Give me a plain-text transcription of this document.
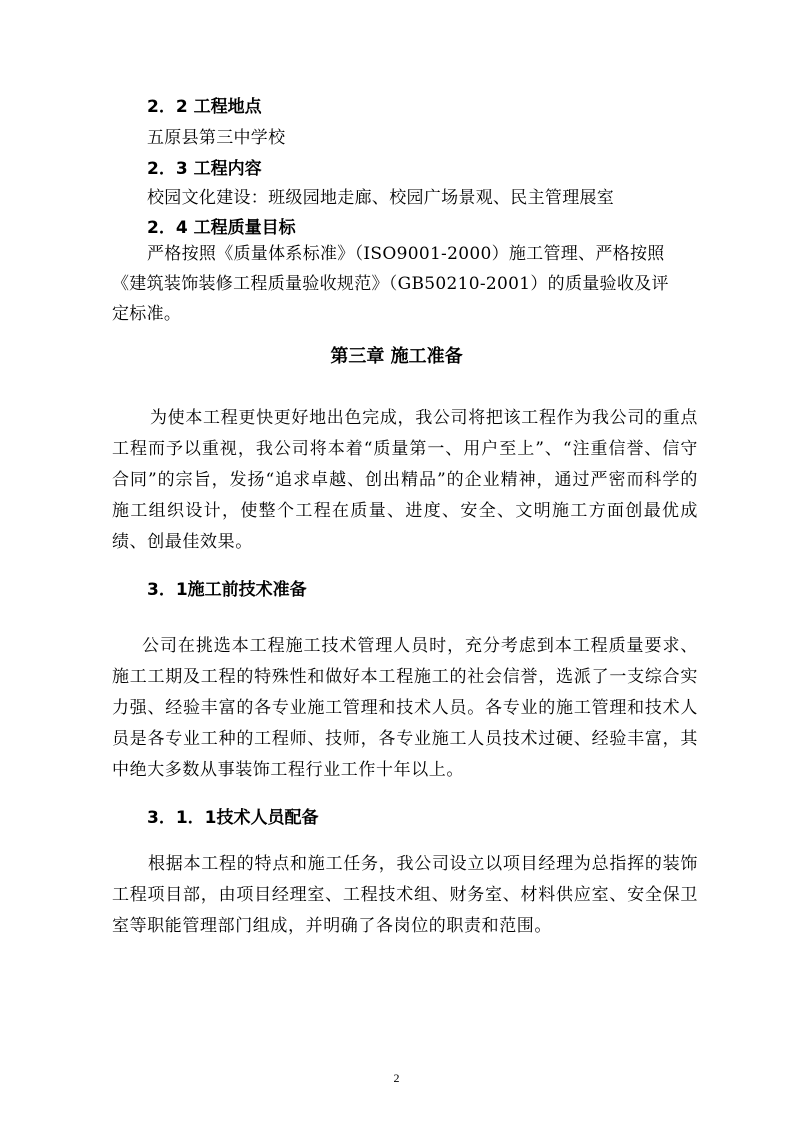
2．2 工程地点
五原县第三中学校
2．3 工程内容
校园文化建设：班级园地走廊、校园广场景观、民主管理展室
2．4 工程质量目标
严格按照《质量体系标准》（ISO9001-2000）施工管理、严格按照
《建筑装饰装修工程质量验收规范》（GB50210-2001）的质量验收及评
定标准。
第三章 施工准备
为使本工程更快更好地出色完成，我公司将把该工程作为我公司的重点工程而予以重视，我公司将本着“质量第一、用户至上”、“注重信誉、信守合同”的宗旨，发扬“追求卓越、创出精品”的企业精神，通过严密而科学的施工组织设计，使整个工程在质量、进度、安全、文明施工方面创最优成绩、创最佳效果。
3．1施工前技术准备
公司在挑选本工程施工技术管理人员时，充分考虑到本工程质量要求、施工工期及工程的特殊性和做好本工程施工的社会信誉，选派了一支综合实力强、经验丰富的各专业施工管理和技术人员。各专业的施工管理和技术人员是各专业工种的工程师、技师，各专业施工人员技术过硬、经验丰富，其中绝大多数从事装饰工程行业工作十年以上。
3．1．1技术人员配备
根据本工程的特点和施工任务，我公司设立以项目经理为总指挥的装饰工程项目部，由项目经理室、工程技术组、财务室、材料供应室、安全保卫室等职能管理部门组成，并明确了各岗位的职责和范围。
2
